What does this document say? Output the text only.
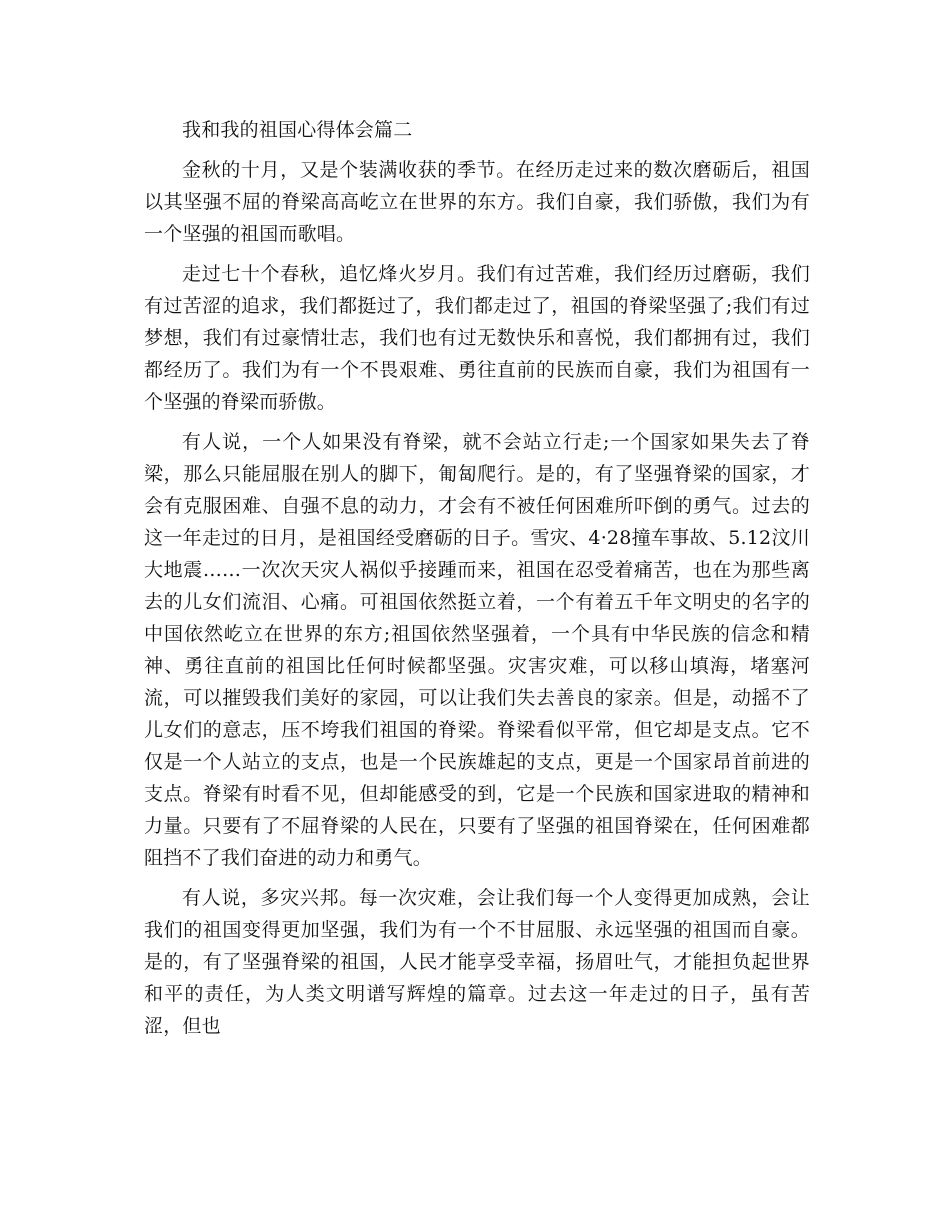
我和我的祖国心得体会篇二

金秋的十月，又是个装满收获的季节。在经历走过来的数次磨砺后，祖国以其坚强不屈的脊梁高高屹立在世界的东方。我们自豪，我们骄傲，我们为有一个坚强的祖国而歌唱。

走过七十个春秋，追忆烽火岁月。我们有过苦难，我们经历过磨砺，我们有过苦涩的追求，我们都挺过了，我们都走过了，祖国的脊梁坚强了;我们有过梦想，我们有过豪情壮志，我们也有过无数快乐和喜悦，我们都拥有过，我们都经历了。我们为有一个不畏艰难、勇往直前的民族而自豪，我们为祖国有一个坚强的脊梁而骄傲。

有人说，一个人如果没有脊梁，就不会站立行走;一个国家如果失去了脊梁，那么只能屈服在别人的脚下，匍匐爬行。是的，有了坚强脊梁的国家，才会有克服困难、自强不息的动力，才会有不被任何困难所吓倒的勇气。过去的这一年走过的日月，是祖国经受磨砺的日子。雪灾、4·28撞车事故、5.12汶川大地震……一次次天灾人祸似乎接踵而来，祖国在忍受着痛苦，也在为那些离去的儿女们流泪、心痛。可祖国依然挺立着，一个有着五千年文明史的名字的中国依然屹立在世界的东方;祖国依然坚强着，一个具有中华民族的信念和精神、勇往直前的祖国比任何时候都坚强。灾害灾难，可以移山填海，堵塞河流，可以摧毁我们美好的家园，可以让我们失去善良的家亲。但是，动摇不了儿女们的意志，压不垮我们祖国的脊梁。脊梁看似平常，但它却是支点。它不仅是一个人站立的支点，也是一个民族雄起的支点，更是一个国家昂首前进的支点。脊梁有时看不见，但却能感受的到，它是一个民族和国家进取的精神和力量。只要有了不屈脊梁的人民在，只要有了坚强的祖国脊梁在，任何困难都阻挡不了我们奋进的动力和勇气。

有人说，多灾兴邦。每一次灾难，会让我们每一个人变得更加成熟，会让我们的祖国变得更加坚强，我们为有一个不甘屈服、永远坚强的祖国而自豪。是的，有了坚强脊梁的祖国，人民才能享受幸福，扬眉吐气，才能担负起世界和平的责任，为人类文明谱写辉煌的篇章。过去这一年走过的日子，虽有苦涩，但也
